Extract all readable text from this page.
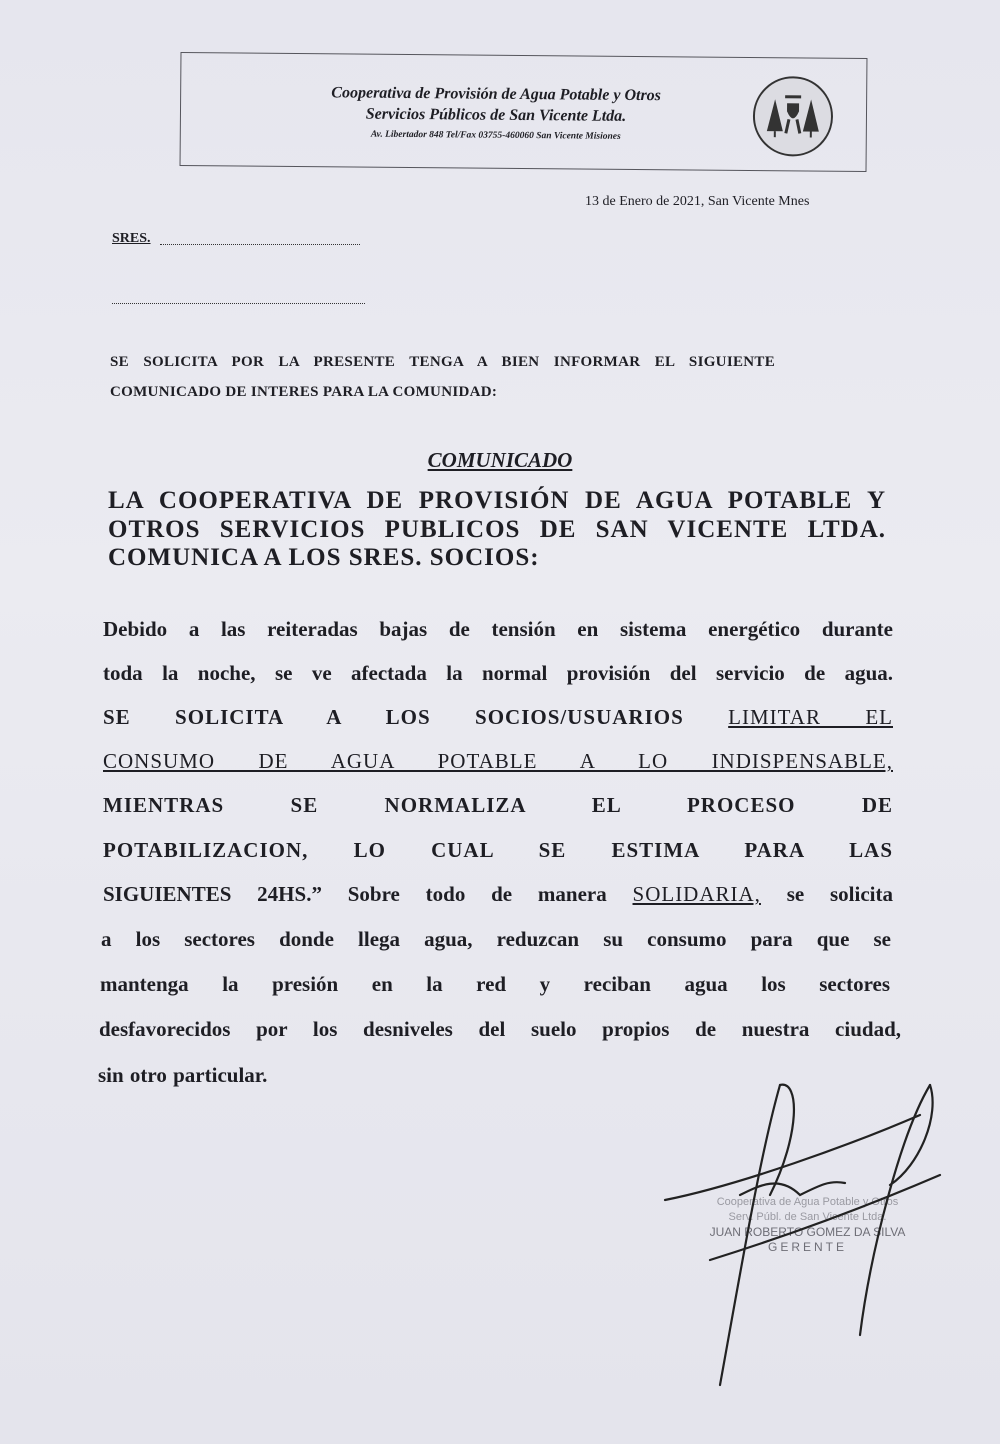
Cooperativa de Provisión de Agua Potable y Otros
Servicios Públicos de San Vicente Ltda.
Av. Libertador 848 Tel/Fax 03755-460060 San Vicente Misiones
13 de Enero de 2021, San Vicente Mnes
SRES.
SE SOLICITA POR LA PRESENTE TENGA A BIEN INFORMAR EL SIGUIENTE
COMUNICADO DE INTERES PARA LA COMUNIDAD:
COMUNICADO
LA COOPERATIVA DE PROVISIÓN DE AGUA POTABLE Y
OTROS SERVICIOS PUBLICOS DE SAN VICENTE LTDA.
COMUNICA A LOS SRES. SOCIOS:
Debido a las reiteradas bajas de tensión en sistema energético durante
toda la noche, se ve afectada la normal provisión del servicio de agua.
SE SOLICITA A LOS SOCIOS/USUARIOS LIMITAR EL
CONSUMO DE AGUA POTABLE A LO INDISPENSABLE,
MIENTRAS SE NORMALIZA EL PROCESO DE
POTABILIZACION, LO CUAL SE ESTIMA PARA LAS
SIGUIENTES 24HS.” Sobre todo de manera SOLIDARIA, se solicita
a los sectores donde llega agua, reduzcan su consumo para que se
mantenga la presión en la red y reciban agua los sectores
desfavorecidos por los desniveles del suelo propios de nuestra ciudad,
sin otro particular.
Cooperativa de Agua Potable y Otros
Serv. Públ. de San Vicente Ltda.
JUAN ROBERTO GOMEZ DA SILVA
GERENTE
